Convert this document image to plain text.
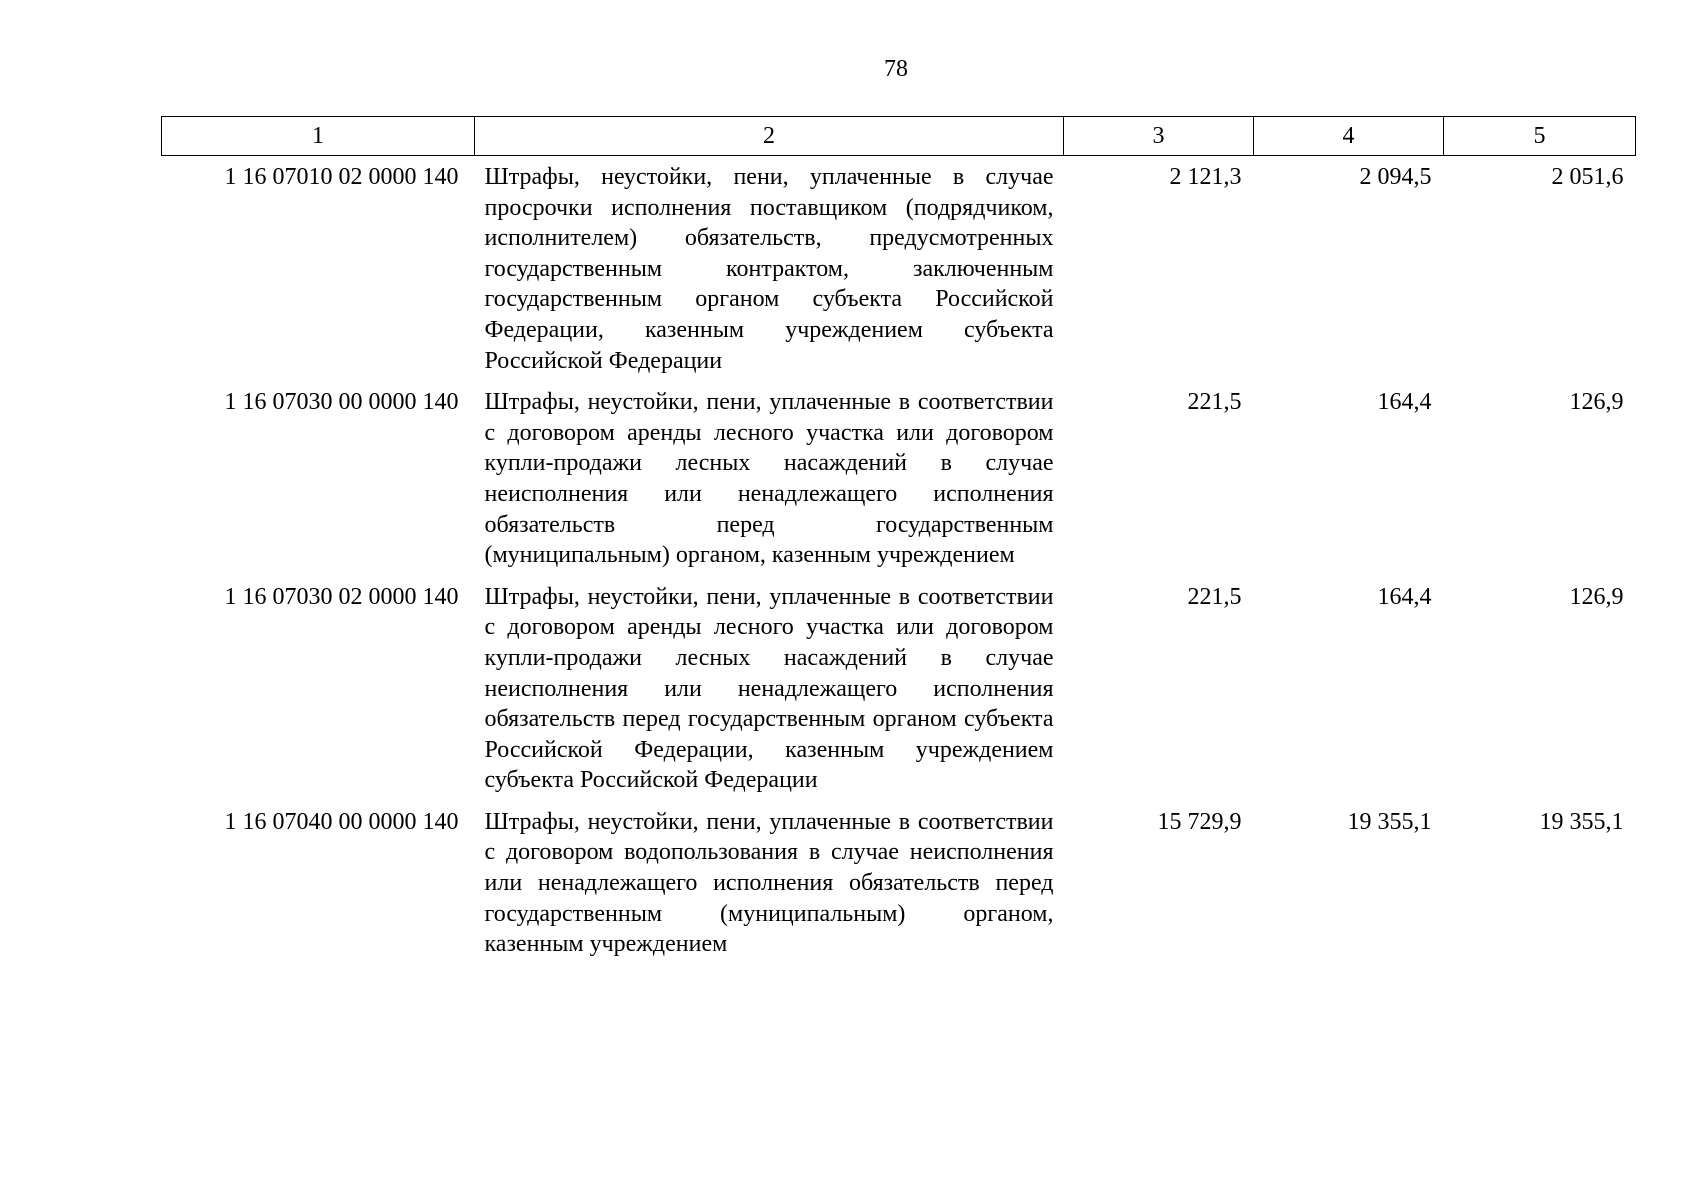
78
1	2	3	4	5
1 16 07010 02 0000 140	Штрафы, неустойки, пени, уплаченные в случае просрочки исполнения поставщиком (подрядчиком, исполнителем) обязательств, предусмотренных государственным контрактом, заключенным государственным органом субъекта Российской Федерации, казенным учреждением субъекта Российской Федерации	2 121,3	2 094,5	2 051,6
1 16 07030 00 0000 140	Штрафы, неустойки, пени, уплаченные в соответствии с договором аренды лесного участка или договором купли-продажи лесных насаждений в случае неисполнения или ненадлежащего исполнения обязательств перед государственным (муниципальным) органом, казенным учреждением	221,5	164,4	126,9
1 16 07030 02 0000 140	Штрафы, неустойки, пени, уплаченные в соответствии с договором аренды лесного участка или договором купли-продажи лесных насаждений в случае неисполнения или ненадлежащего исполнения обязательств перед государственным органом субъекта Российской Федерации, казенным учреждением субъекта Российской Федерации	221,5	164,4	126,9
1 16 07040 00 0000 140	Штрафы, неустойки, пени, уплаченные в соответствии с договором водопользования в случае неисполнения или ненадлежащего исполнения обязательств перед государственным (муниципальным) органом, казенным учреждением	15 729,9	19 355,1	19 355,1
